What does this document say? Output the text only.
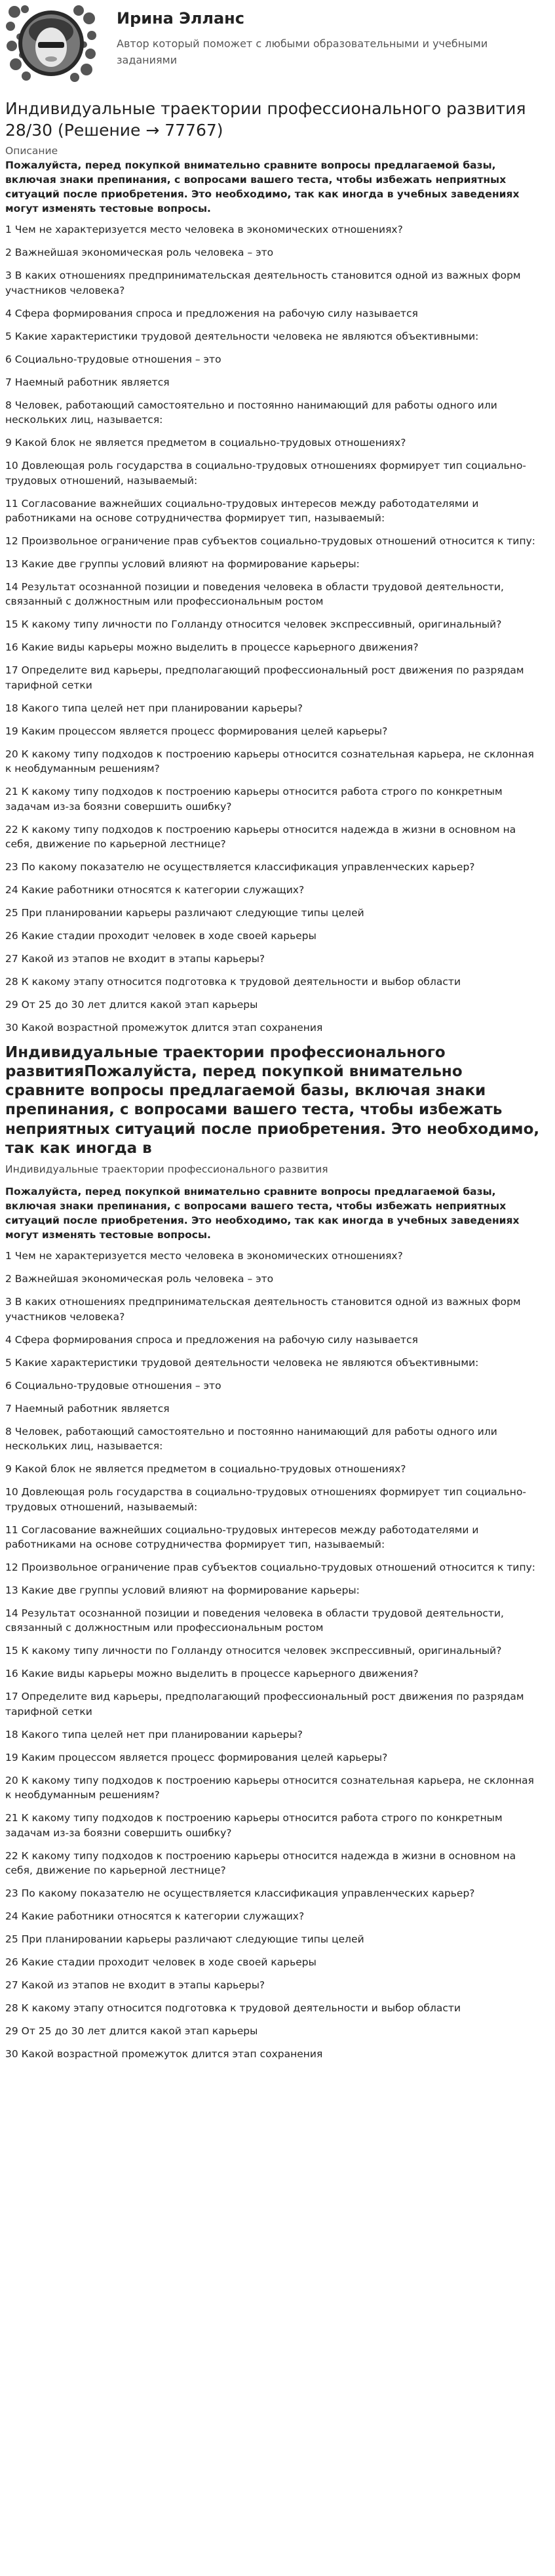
Ирина Элланс
Автор который поможет с любыми образовательными и учебными заданиями
Индивидуальные траектории профессионального развития 28/30 (Решение → 77767)
Описание
Пожалуйста, перед покупкой внимательно сравните вопросы предлагаемой базы, включая знаки препинания, с вопросами вашего теста, чтобы избежать неприятных ситуаций после приобретения. Это необходимо, так как иногда в учебных заведениях могут изменять тестовые вопросы.
1 Чем не характеризуется место человека в экономических отношениях?
2 Важнейшая экономическая роль человека – это
3 В каких отношениях предпринимательская деятельность становится одной из важных форм участников человека?
4 Сфера формирования спроса и предложения на рабочую силу называется
5 Какие характеристики трудовой деятельности человека не являются объективными:
6 Социально-трудовые отношения – это
7 Наемный работник является
8 Человек, работающий самостоятельно и постоянно нанимающий для работы одного или нескольких лиц, называется:
9 Какой блок не является предметом в социально-трудовых отношениях?
10 Довлеющая роль государства в социально-трудовых отношениях формирует тип социально-трудовых отношений, называемый:
11 Согласование важнейших социально-трудовых интересов между работодателями и работниками на основе сотрудничества формирует тип, называемый:
12 Произвольное ограничение прав субъектов социально-трудовых отношений относится к типу:
13 Какие две группы условий влияют на формирование карьеры:
14 Результат осознанной позиции и поведения человека в области трудовой деятельности, связанный с должностным или профессиональным ростом
15 К какому типу личности по Голланду относится человек экспрессивный, оригинальный?
16 Какие виды карьеры можно выделить в процессе карьерного движения?
17 Определите вид карьеры, предполагающий профессиональный рост движения по разрядам тарифной сетки
18 Какого типа целей нет при планировании карьеры?
19 Каким процессом является процесс формирования целей карьеры?
20 К какому типу подходов к построению карьеры относится сознательная карьера, не склонная к необдуманным решениям?
21 К какому типу подходов к построению карьеры относится работа строго по конкретным задачам из-за боязни совершить ошибку?
22 К какому типу подходов к построению карьеры относится надежда в жизни в основном на себя, движение по карьерной лестнице?
23 По какому показателю не осуществляется классификация управленческих карьер?
24 Какие работники относятся к категории служащих?
25 При планировании карьеры различают следующие типы целей
26 Какие стадии проходит человек в ходе своей карьеры
27 Какой из этапов не входит в этапы карьеры?
28 К какому этапу относится подготовка к трудовой деятельности и выбор области
29 От 25 до 30 лет длится какой этап карьеры
30 Какой возрастной промежуток длится этап сохранения
Индивидуальные траектории профессионального развитияПожалуйста, перед покупкой внимательно сравните вопросы предлагаемой базы, включая знаки препинания, с вопросами вашего теста, чтобы избежать неприятных ситуаций после приобретения. Это необходимо, так как иногда в
Индивидуальные траектории профессионального развития
Пожалуйста, перед покупкой внимательно сравните вопросы предлагаемой базы, включая знаки препинания, с вопросами вашего теста, чтобы избежать неприятных ситуаций после приобретения. Это необходимо, так как иногда в учебных заведениях могут изменять тестовые вопросы.
1 Чем не характеризуется место человека в экономических отношениях?
2 Важнейшая экономическая роль человека – это
3 В каких отношениях предпринимательская деятельность становится одной из важных форм участников человека?
4 Сфера формирования спроса и предложения на рабочую силу называется
5 Какие характеристики трудовой деятельности человека не являются объективными:
6 Социально-трудовые отношения – это
7 Наемный работник является
8 Человек, работающий самостоятельно и постоянно нанимающий для работы одного или нескольких лиц, называется:
9 Какой блок не является предметом в социально-трудовых отношениях?
10 Довлеющая роль государства в социально-трудовых отношениях формирует тип социально-трудовых отношений, называемый:
11 Согласование важнейших социально-трудовых интересов между работодателями и работниками на основе сотрудничества формирует тип, называемый:
12 Произвольное ограничение прав субъектов социально-трудовых отношений относится к типу:
13 Какие две группы условий влияют на формирование карьеры:
14 Результат осознанной позиции и поведения человека в области трудовой деятельности, связанный с должностным или профессиональным ростом
15 К какому типу личности по Голланду относится человек экспрессивный, оригинальный?
16 Какие виды карьеры можно выделить в процессе карьерного движения?
17 Определите вид карьеры, предполагающий профессиональный рост движения по разрядам тарифной сетки
18 Какого типа целей нет при планировании карьеры?
19 Каким процессом является процесс формирования целей карьеры?
20 К какому типу подходов к построению карьеры относится сознательная карьера, не склонная к необдуманным решениям?
21 К какому типу подходов к построению карьеры относится работа строго по конкретным задачам из-за боязни совершить ошибку?
22 К какому типу подходов к построению карьеры относится надежда в жизни в основном на себя, движение по карьерной лестнице?
23 По какому показателю не осуществляется классификация управленческих карьер?
24 Какие работники относятся к категории служащих?
25 При планировании карьеры различают следующие типы целей
26 Какие стадии проходит человек в ходе своей карьеры
27 Какой из этапов не входит в этапы карьеры?
28 К какому этапу относится подготовка к трудовой деятельности и выбор области
29 От 25 до 30 лет длится какой этап карьеры
30 Какой возрастной промежуток длится этап сохранения
